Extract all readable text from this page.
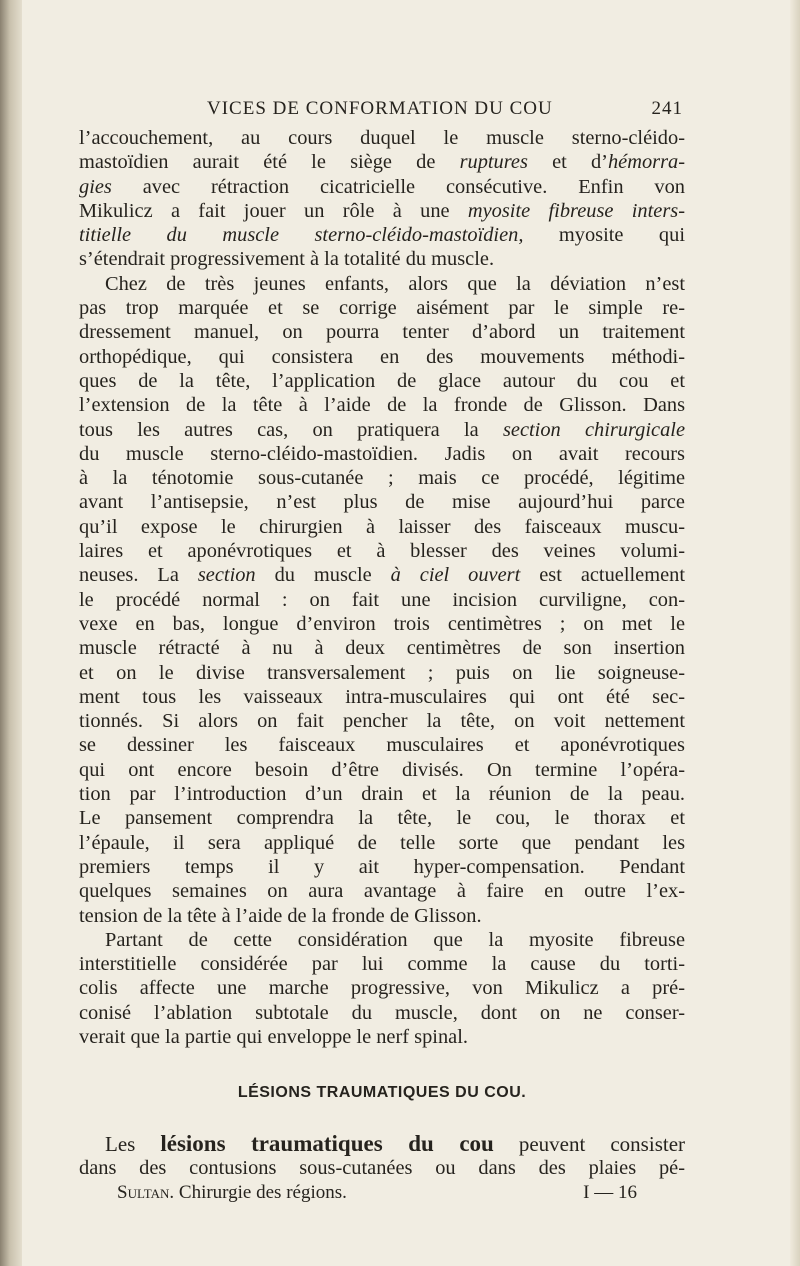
VICES DE CONFORMATION DU COU	241

l’accouchement, au cours duquel le muscle sterno-cléido-
mastoïdien aurait été le siège de ruptures et d’hémorra-
gies avec rétraction cicatricielle consécutive. Enfin von
Mikulicz a fait jouer un rôle à une myosite fibreuse inters-
titielle du muscle sterno-cléido-mastoïdien, myosite qui
s’étendrait progressivement à la totalité du muscle.

Chez de très jeunes enfants, alors que la déviation n’est
pas trop marquée et se corrige aisément par le simple re-
dressement manuel, on pourra tenter d’abord un traitement
orthopédique, qui consistera en des mouvements méthodi-
ques de la tête, l’application de glace autour du cou et
l’extension de la tête à l’aide de la fronde de Glisson. Dans
tous les autres cas, on pratiquera la section chirurgicale
du muscle sterno-cléido-mastoïdien. Jadis on avait recours
à la ténotomie sous-cutanée ; mais ce procédé, légitime
avant l’antisepsie, n’est plus de mise aujourd’hui parce
qu’il expose le chirurgien à laisser des faisceaux muscu-
laires et aponévrotiques et à blesser des veines volumi-
neuses. La section du muscle à ciel ouvert est actuellement
le procédé normal : on fait une incision curviligne, con-
vexe en bas, longue d’environ trois centimètres ; on met le
muscle rétracté à nu à deux centimètres de son insertion
et on le divise transversalement ; puis on lie soigneuse-
ment tous les vaisseaux intra-musculaires qui ont été sec-
tionnés. Si alors on fait pencher la tête, on voit nettement
se dessiner les faisceaux musculaires et aponévrotiques
qui ont encore besoin d’être divisés. On termine l’opéra-
tion par l’introduction d’un drain et la réunion de la peau.
Le pansement comprendra la tête, le cou, le thorax et
l’épaule, il sera appliqué de telle sorte que pendant les
premiers temps il y ait hyper-compensation. Pendant
quelques semaines on aura avantage à faire en outre l’ex-
tension de la tête à l’aide de la fronde de Glisson.

Partant de cette considération que la myosite fibreuse
interstitielle considérée par lui comme la cause du torti-
colis affecte une marche progressive, von Mikulicz a pré-
conisé l’ablation subtotale du muscle, dont on ne conser-
verait que la partie qui enveloppe le nerf spinal.

LÉSIONS TRAUMATIQUES DU COU.

Les lésions traumatiques du cou peuvent consister
dans des contusions sous-cutanées ou dans des plaies pé-

Sultan. Chirurgie des régions.	I — 16
